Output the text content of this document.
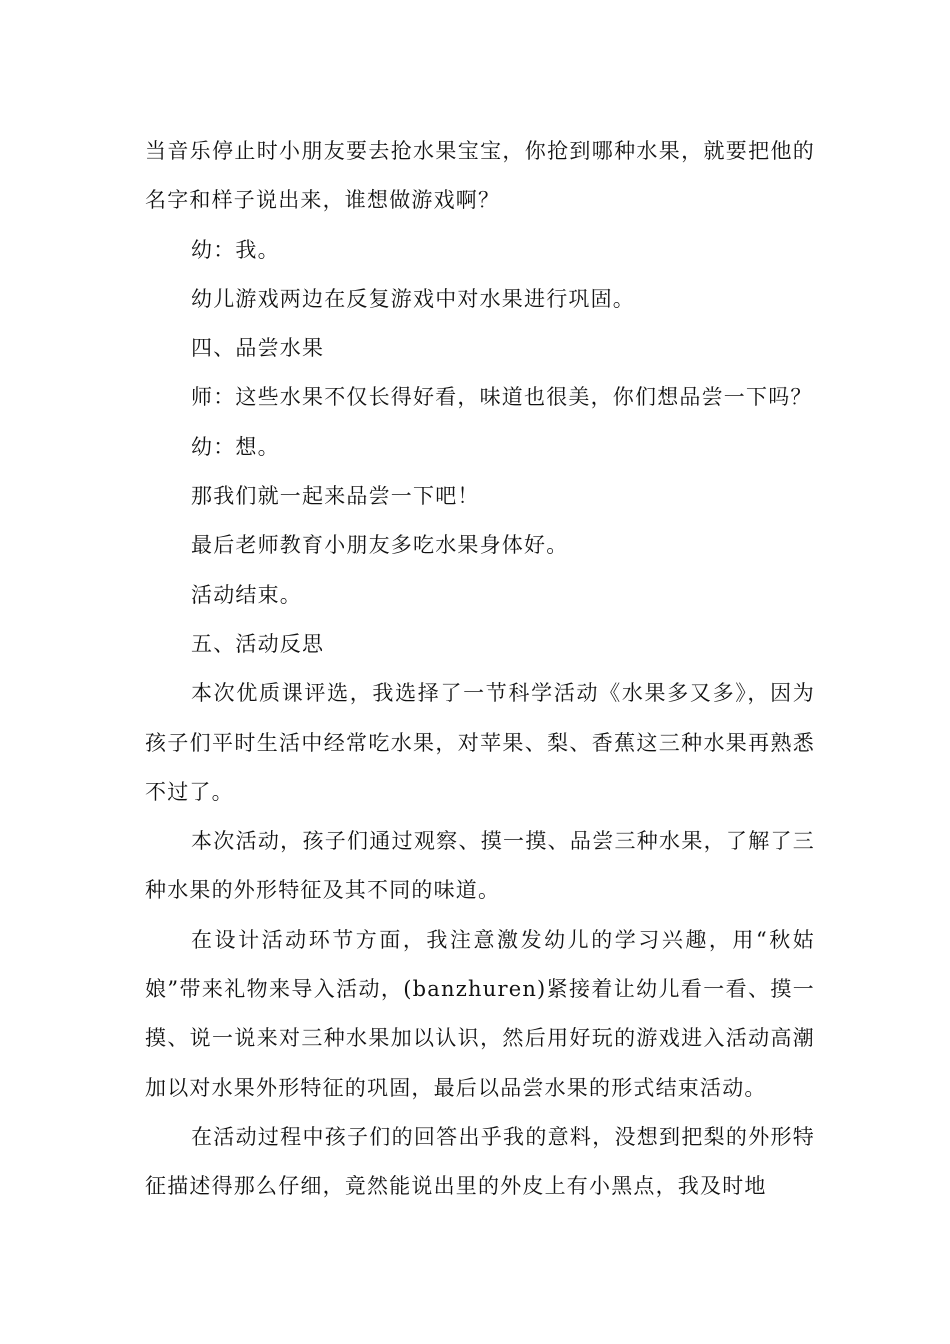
当音乐停止时小朋友要去抢水果宝宝，你抢到哪种水果，就要把他的名字和样子说出来，谁想做游戏啊？

幼：我。

幼儿游戏两边在反复游戏中对水果进行巩固。

四、品尝水果

师：这些水果不仅长得好看，味道也很美，你们想品尝一下吗？

幼：想。

那我们就一起来品尝一下吧！

最后老师教育小朋友多吃水果身体好。

活动结束。

五、活动反思

本次优质课评选，我选择了一节科学活动《水果多又多》，因为孩子们平时生活中经常吃水果，对苹果、梨、香蕉这三种水果再熟悉不过了。

本次活动，孩子们通过观察、摸一摸、品尝三种水果，了解了三种水果的外形特征及其不同的味道。

在设计活动环节方面，我注意激发幼儿的学习兴趣，用“秋姑娘”带来礼物来导入活动，(banzhuren)紧接着让幼儿看一看、摸一摸、说一说来对三种水果加以认识，然后用好玩的游戏进入活动高潮加以对水果外形特征的巩固，最后以品尝水果的形式结束活动。

在活动过程中孩子们的回答出乎我的意料，没想到把梨的外形特征描述得那么仔细，竟然能说出里的外皮上有小黑点，我及时地
